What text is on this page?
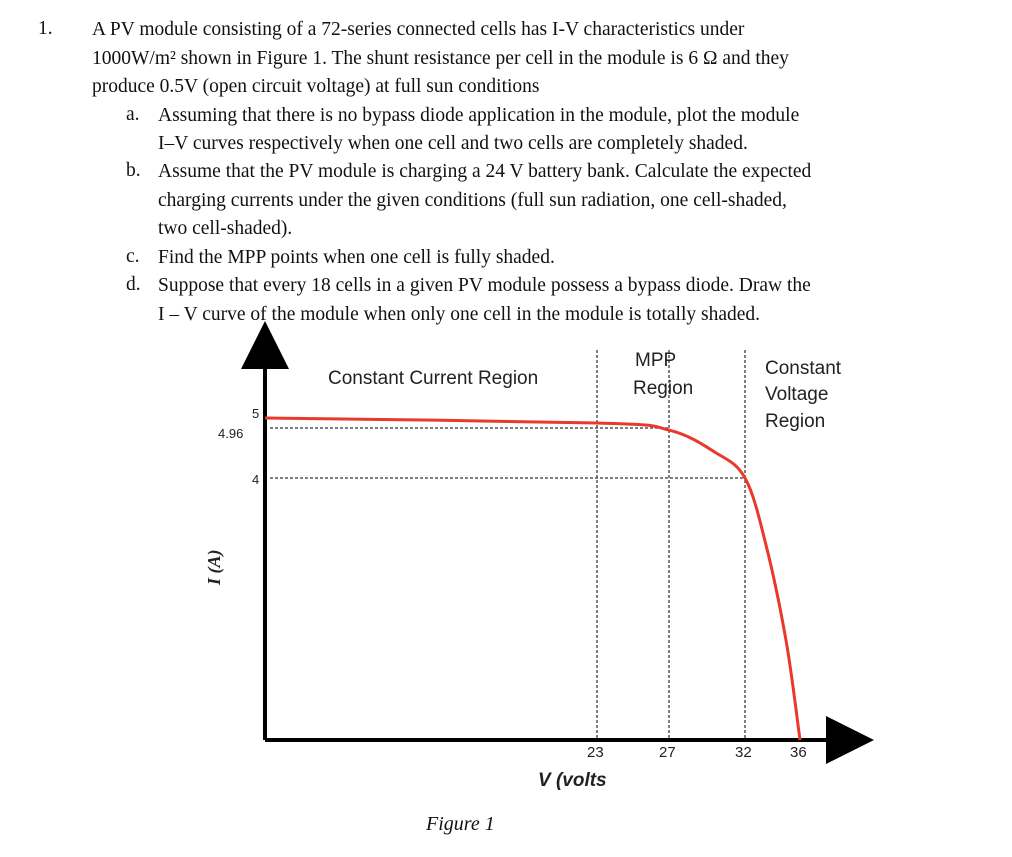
1. A PV module consisting of a 72-series connected cells has I-V characteristics under
1000W/m² shown in Figure 1. The shunt resistance per cell in the module is 6 Ω and they
produce 0.5V (open circuit voltage) at full sun conditions
a. Assuming that there is no bypass diode application in the module, plot the module
I–V curves respectively when one cell and two cells are completely shaded.
b. Assume that the PV module is charging a 24 V battery bank. Calculate the expected
charging currents under the given conditions (full sun radiation, one cell-shaded,
two cell-shaded).
c. Find the MPP points when one cell is fully shaded.
d. Suppose that every 18 cells in a given PV module possess a bypass diode. Draw the
I – V curve of the module when only one cell in the module is totally shaded.
23	27	32	36
5
4.96
4
Constant Current Region
MPP
Region
Constant
Voltage
Region
I (A)
V (volts
Figure 1
